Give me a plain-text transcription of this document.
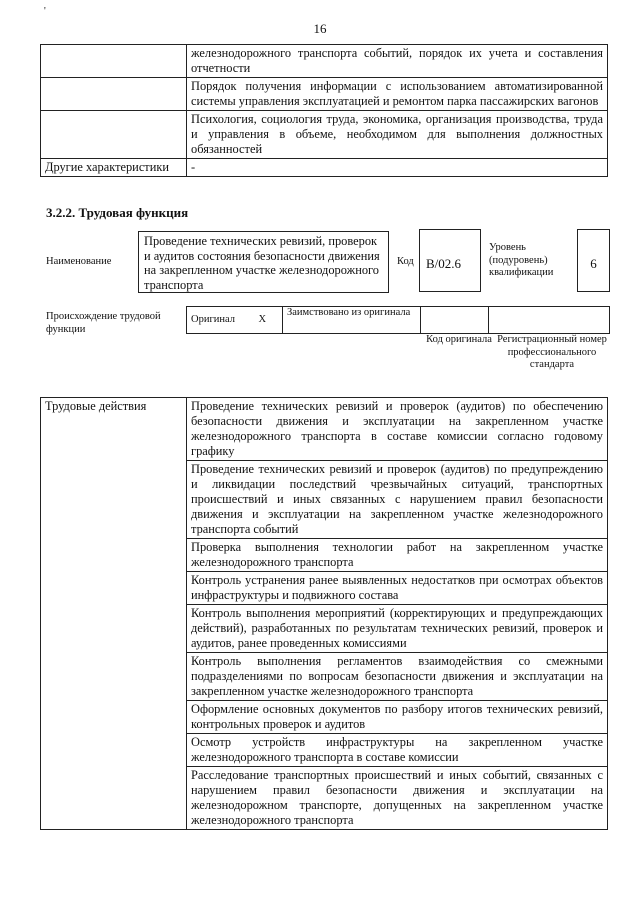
'
16
	железнодорожного транспорта событий, порядок их учета и составления отчетности
	Порядок получения информации с использованием автоматизированной системы управления эксплуатацией и ремонтом парка пассажирских вагонов
	Психология, социология труда, экономика, организация производства, труда и управления в объеме, необходимом для выполнения должностных обязанностей
Другие характеристики	-
3.2.2. Трудовая функция
Наименование
Проведение технических ревизий, проверок и аудитов состояния безопасности движения на закрепленном участке железнодорожного транспорта
Код B/02.6
Уровень (подуровень) квалификации
6
Происхождение трудовой функции
Оригинал	X	Заимствовано из оригинала		
Код оригинала Регистрационный номер профессионального стандарта
Трудовые действия	Проведение технических ревизий и проверок (аудитов) по обеспечению безопасности движения и эксплуатации на закрепленном участке железнодорожного транспорта в составе комиссии согласно годовому графику
Проведение технических ревизий и проверок (аудитов) по предупреждению и ликвидации последствий чрезвычайных ситуаций, транспортных происшествий и иных связанных с нарушением правил безопасности движения и эксплуатации на закрепленном участке железнодорожного транспорта событий
Проверка выполнения технологии работ на закрепленном участке железнодорожного транспорта
Контроль устранения ранее выявленных недостатков при осмотрах объектов инфраструктуры и подвижного состава
Контроль выполнения мероприятий (корректирующих и предупреждающих действий), разработанных по результатам технических ревизий, проверок и аудитов, ранее проведенных комиссиями
Контроль выполнения регламентов взаимодействия со смежными подразделениями по вопросам безопасности движения и эксплуатации на закрепленном участке железнодорожного транспорта
Оформление основных документов по разбору итогов технических ревизий, контрольных проверок и аудитов
Осмотр устройств инфраструктуры на закрепленном участке железнодорожного транспорта в составе комиссии
Расследование транспортных происшествий и иных событий, связанных с нарушением правил безопасности движения и эксплуатации на железнодорожном транспорте, допущенных на закрепленном участке железнодорожного транспорта
